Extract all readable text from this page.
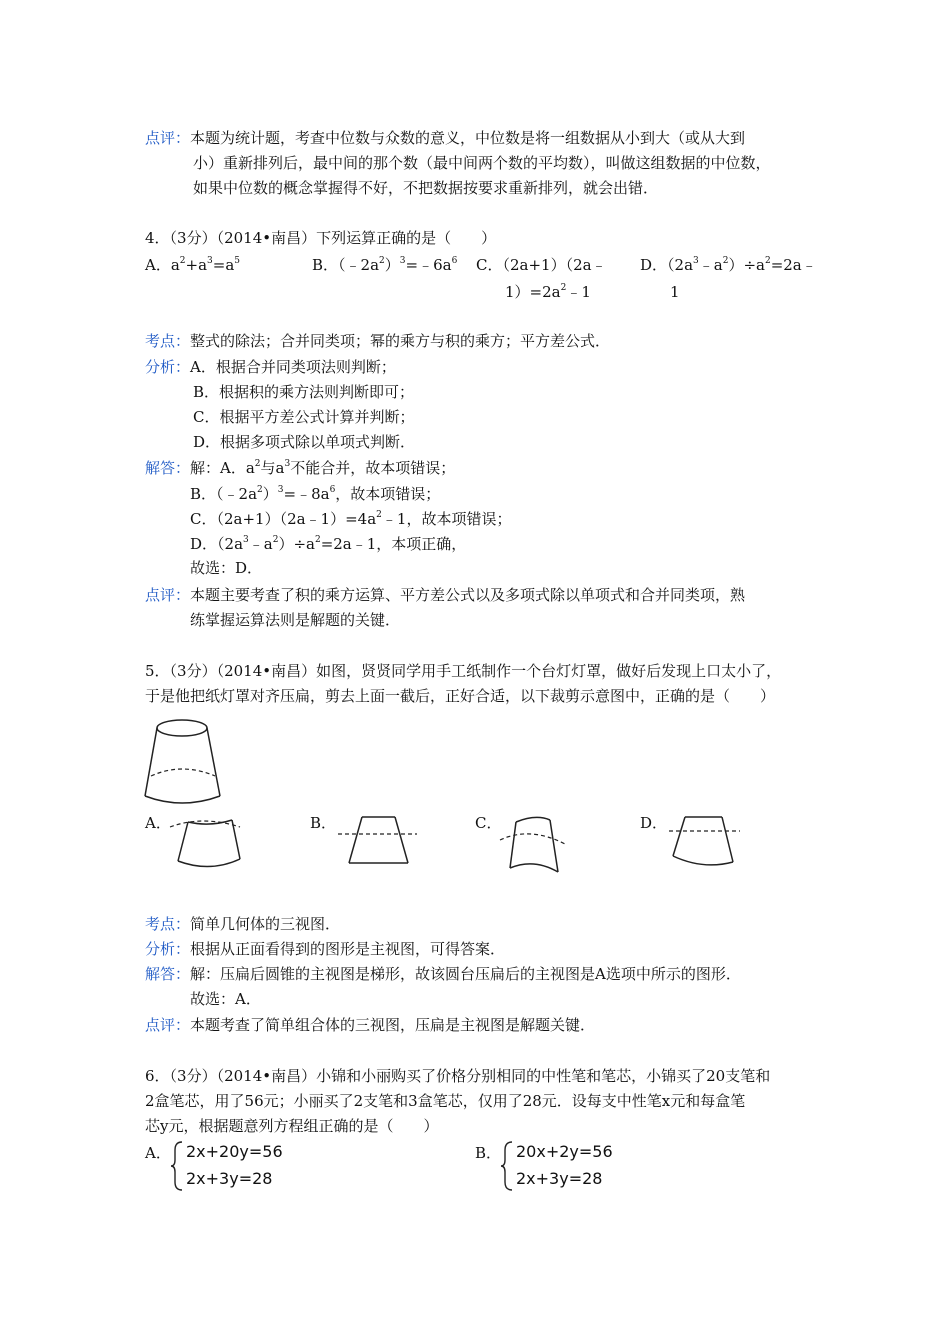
点评：本题为统计题，考查中位数与众数的意义，中位数是将一组数据从小到大（或从大到
小）重新排列后，最中间的那个数（最中间两个数的平均数），叫做这组数据的中位数，
如果中位数的概念掌握得不好，不把数据按要求重新排列，就会出错．
4．（3分）（2014•南昌）下列运算正确的是（　　）
A．$a^2+a^3=a^5$	B．$(﹣2a^2)^3=﹣6a^6$ C．（2a+1）（2a﹣
$1)=2a^2﹣1$
D．$(2a^3﹣a^2)\div a^2=2a﹣$
1
考点：整式的除法；合并同类项；幂的乘方与积的乘方；平方差公式．
分析：A．根据合并同类项法则判断；
B．根据积的乘方法则判断即可；
C．根据平方差公式计算并判断；
D．根据多项式除以单项式判断．
解答：解：A．$a^2$与$a^3$不能合并，故本项错误；
B．$(﹣2a^2)^3=﹣8a^6$，故本项错误；
C．$(2a+1)(2a﹣1)=4a^2﹣1$，故本项错误；
D．$(2a^3﹣a^2)\div a^2=2a﹣1$，本项正确，
故选：D．
点评：本题主要考查了积的乘方运算、平方差公式以及多项式除以单项式和合并同类项，熟
练掌握运算法则是解题的关键．
5．（3分）（2014•南昌）如图，贤贤同学用手工纸制作一个台灯灯罩，做好后发现上口太小了，
于是他把纸灯罩对齐压扁，剪去上面一截后，正好合适，以下裁剪示意图中，正确的是（　　）
A．	B．	C．	D．
考点：简单几何体的三视图．
分析：根据从正面看得到的图形是主视图，可得答案．
解答：解：压扁后圆锥的主视图是梯形，故该圆台压扁后的主视图是A选项中所示的图形．
故选：A．
点评：本题考查了简单组合体的三视图，压扁是主视图是解题关键．
6．（3分）（2014•南昌）小锦和小丽购买了价格分别相同的中性笔和笔芯，小锦买了20支笔和
2盒笔芯，用了56元；小丽买了2支笔和3盒笔芯，仅用了28元．设每支中性笔x元和每盒笔
芯y元，根据题意列方程组正确的是（　　）
A． 2x+20y=56
2x+3y=28
B． 20x+2y=56
2x+3y=28
